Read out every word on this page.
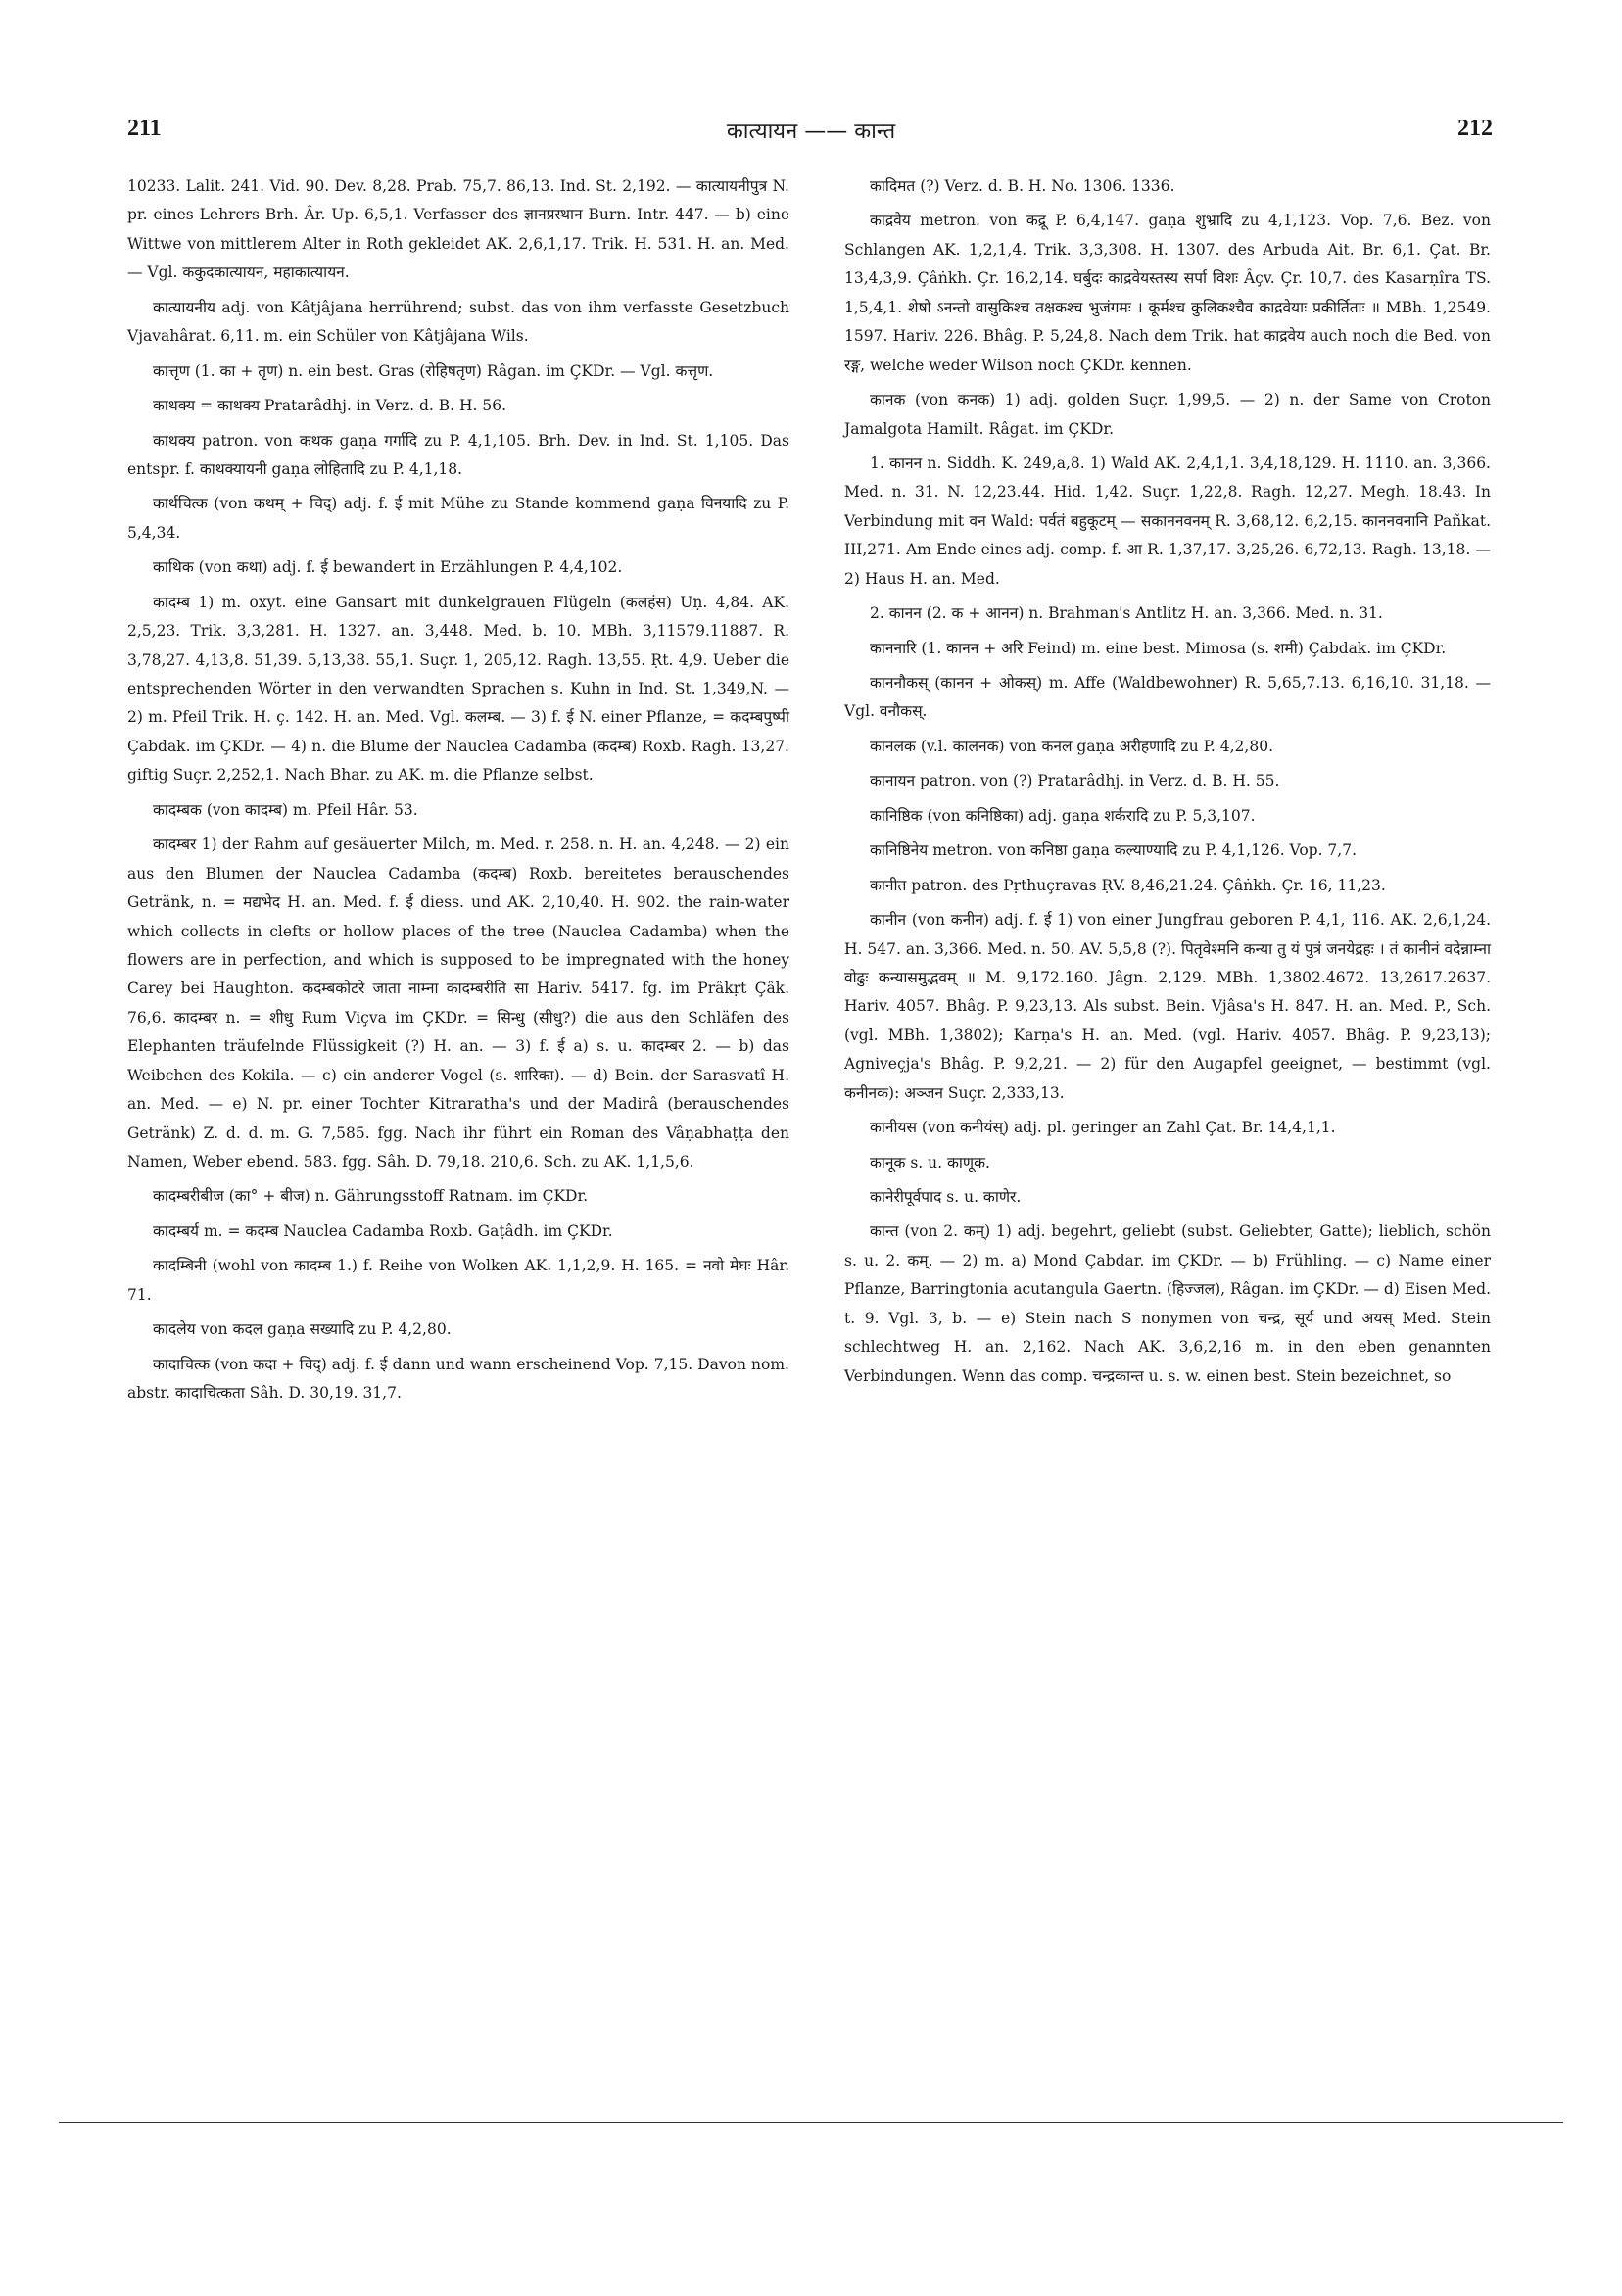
211	कात्यायन —— कान्त	212

10233. Lalit. 241. Vid. 90. Dev. 8,28. Prab. 75,7. 86,13. Ind. St. 2,192. — कात्यायनीपुत्र N. pr. eines Lehrers Brh. Âr. Up. 6,5,1. Verfasser des ज्ञानप्रस्थान Burn. Intr. 447. — b) eine Wittwe von mittlerem Alter in Roth gekleidet AK. 2,6,1,17. Trik. H. 531. H. an. Med. — Vgl. ककुदकात्यायन, महाकात्यायन.

कात्यायनीय adj. von Kâtjâjana herrührend; subst. das von ihm verfasste Gesetzbuch Vjavahârat. 6,11. m. ein Schüler von Kâtjâjana Wils.

कात्तृण (1. का + तृण) n. ein best. Gras (रोहिषतृण) Râgan. im ÇKDr. — Vgl. कत्तृण.

काथक्य = काथक्य Pratarâdhj. in Verz. d. B. H. 56.

काथक्य patron. von कथक gaṇa गर्गादि zu P. 4,1,105. Brh. Dev. in Ind. St. 1,105. Das entspr. f. काथक्यायनी gaṇa लोहितादि zu P. 4,1,18.

कार्थचित्क (von कथम् + चिद्) adj. f. ई mit Mühe zu Stande kommend gaṇa विनयादि zu P. 5,4,34.

काथिक (von कथा) adj. f. ई bewandert in Erzählungen P. 4,4,102.

कादम्ब 1) m. oxyt. eine Gansart mit dunkelgrauen Flügeln (कलहंस) Uṇ. 4,84. AK. 2,5,23. Trik. 3,3,281. H. 1327. an. 3,448. Med. b. 10. MBh. 3,11579.11887. R. 3,78,27. 4,13,8. 51,39. 5,13,38. 55,1. Suçr. 1, 205,12. Ragh. 13,55. Ṛt. 4,9. Ueber die entsprechenden Wörter in den verwandten Sprachen s. Kuhn in Ind. St. 1,349,N. — 2) m. Pfeil Trik. H. ç. 142. H. an. Med. Vgl. कलम्ब. — 3) f. ई N. einer Pflanze, = कदम्बपुष्पी Çabdak. im ÇKDr. — 4) n. die Blume der Nauclea Cadamba (कदम्ब) Roxb. Ragh. 13,27. giftig Suçr. 2,252,1. Nach Bhar. zu AK. m. die Pflanze selbst.

कादम्बक (von कादम्ब) m. Pfeil Hâr. 53.

कादम्बर 1) der Rahm auf gesäuerter Milch, m. Med. r. 258. n. H. an. 4,248. — 2) ein aus den Blumen der Nauclea Cadamba (कदम्ब) Roxb. bereitetes berauschendes Getränk, n. = मद्यभेद H. an. Med. f. ई diess. und AK. 2,10,40. H. 902. the rain-water which collects in clefts or hollow places of the tree (Nauclea Cadamba) when the flowers are in perfection, and which is supposed to be impregnated with the honey Carey bei Haughton. कदम्बकोटरे जाता नाम्ना कादम्बरीति सा Hariv. 5417. fg. im Prâkṛt Çâk. 76,6. कादम्बर n. = शीधु Rum Viçva im ÇKDr. = सिन्धु (सीधु?) die aus den Schläfen des Elephanten träufelnde Flüssigkeit (?) H. an. — 3) f. ई a) s. u. कादम्बर 2. — b) das Weibchen des Kokila. — c) ein anderer Vogel (s. शारिका). — d) Bein. der Sarasvatî H. an. Med. — e) N. pr. einer Tochter Kitraratha's und der Madirâ (berauschendes Getränk) Z. d. d. m. G. 7,585. fgg. Nach ihr führt ein Roman des Vâṇabhaṭṭa den Namen, Weber ebend. 583. fgg. Sâh. D. 79,18. 210,6. Sch. zu AK. 1,1,5,6.

कादम्बरीबीज (का° + बीज) n. Gährungsstoff Ratnam. im ÇKDr.

कादम्बर्य m. = कदम्ब Nauclea Cadamba Roxb. Gaṭâdh. im ÇKDr.

कादम्बिनी (wohl von कादम्ब 1.) f. Reihe von Wolken AK. 1,1,2,9. H. 165. = नवो मेघः Hâr. 71.

कादलेय von कदल gaṇa सख्यादि zu P. 4,2,80.

कादाचित्क (von कदा + चिद्) adj. f. ई dann und wann erscheinend Vop. 7,15. Davon nom. abstr. कादाचित्कता Sâh. D. 30,19. 31,7.

कादिमत (?) Verz. d. B. H. No. 1306. 1336.

काद्रवेय metron. von कद्रू P. 6,4,147. gaṇa शुभ्रादि zu 4,1,123. Vop. 7,6. Bez. von Schlangen AK. 1,2,1,4. Trik. 3,3,308. H. 1307. des Arbuda Ait. Br. 6,1. Çat. Br. 13,4,3,9. Çâṅkh. Çr. 16,2,14. घर्बुदः काद्रवेयस्तस्य सर्पा विशः Âçv. Çr. 10,7. des Kasarṇîra TS. 1,5,4,1. शेषो ऽनन्तो वासुकिश्च तक्षकश्च भुजंगमः । कूर्मश्च कुलिकश्चैव काद्रवेयाः प्रकीर्तिताः ॥ MBh. 1,2549. 1597. Hariv. 226. Bhâg. P. 5,24,8. Nach dem Trik. hat काद्रवेय auch noch die Bed. von रङ्ग, welche weder Wilson noch ÇKDr. kennen.

कानक (von कनक) 1) adj. golden Suçr. 1,99,5. — 2) n. der Same von Croton Jamalgota Hamilt. Râgat. im ÇKDr.

1. कानन n. Siddh. K. 249,a,8. 1) Wald AK. 2,4,1,1. 3,4,18,129. H. 1110. an. 3,366. Med. n. 31. N. 12,23.44. Hid. 1,42. Suçr. 1,22,8. Ragh. 12,27. Megh. 18.43. In Verbindung mit वन Wald: पर्वतं बहुकूटम् — सकाननवनम् R. 3,68,12. 6,2,15. काननवनानि Pañkat. III,271. Am Ende eines adj. comp. f. आ R. 1,37,17. 3,25,26. 6,72,13. Ragh. 13,18. — 2) Haus H. an. Med.

2. कानन (2. क + आनन) n. Brahman's Antlitz H. an. 3,366. Med. n. 31.

काननारि (1. कानन + अरि Feind) m. eine best. Mimosa (s. शमी) Çabdak. im ÇKDr.

काननौकस् (कानन + ओकस्) m. Affe (Waldbewohner) R. 5,65,7.13. 6,16,10. 31,18. — Vgl. वनौकस्.

कानलक (v.l. कालनक) von कनल gaṇa अरीहणादि zu P. 4,2,80.

कानायन patron. von (?) Pratarâdhj. in Verz. d. B. H. 55.

कानिष्ठिक (von कनिष्ठिका) adj. gaṇa शर्करादि zu P. 5,3,107.

कानिष्ठिनेय metron. von कनिष्ठा gaṇa कल्याण्यादि zu P. 4,1,126. Vop. 7,7.

कानीत patron. des Pṛthuçravas ṚV. 8,46,21.24. Çâṅkh. Çr. 16, 11,23.

कानीन (von कनीन) adj. f. ई 1) von einer Jungfrau geboren P. 4,1, 116. AK. 2,6,1,24. H. 547. an. 3,366. Med. n. 50. AV. 5,5,8 (?). पितृवेश्मनि कन्या तु यं पुत्रं जनयेद्रहः । तं कानीनं वदेन्नाम्ना वोढुः कन्यासमुद्भवम् ॥ M. 9,172.160. Jâgn. 2,129. MBh. 1,3802.4672. 13,2617.2637. Hariv. 4057. Bhâg. P. 9,23,13. Als subst. Bein. Vjâsa's H. 847. H. an. Med. P., Sch. (vgl. MBh. 1,3802); Karṇa's H. an. Med. (vgl. Hariv. 4057. Bhâg. P. 9,23,13); Agniveçja's Bhâg. P. 9,2,21. — 2) für den Augapfel geeignet, — bestimmt (vgl. कनीनक): अञ्जन Suçr. 2,333,13.

कानीयस (von कनीयंस्) adj. pl. geringer an Zahl Çat. Br. 14,4,1,1.

कानूक s. u. काणूक.

कानेरीपूर्वपाद s. u. काणेर.

कान्त (von 2. कम्) 1) adj. begehrt, geliebt (subst. Geliebter, Gatte); lieblich, schön s. u. 2. कम्. — 2) m. a) Mond Çabdar. im ÇKDr. — b) Frühling. — c) Name einer Pflanze, Barringtonia acutangula Gaertn. (हिज्जल), Râgan. im ÇKDr. — d) Eisen Med. t. 9. Vgl. 3, b. — e) Stein nach S nonymen von चन्द्र, सूर्य und अयस् Med. Stein schlechtweg H. an. 2,162. Nach AK. 3,6,2,16 m. in den eben genannten Verbindungen. Wenn das comp. चन्द्रकान्त u. s. w. einen best. Stein bezeichnet, so
